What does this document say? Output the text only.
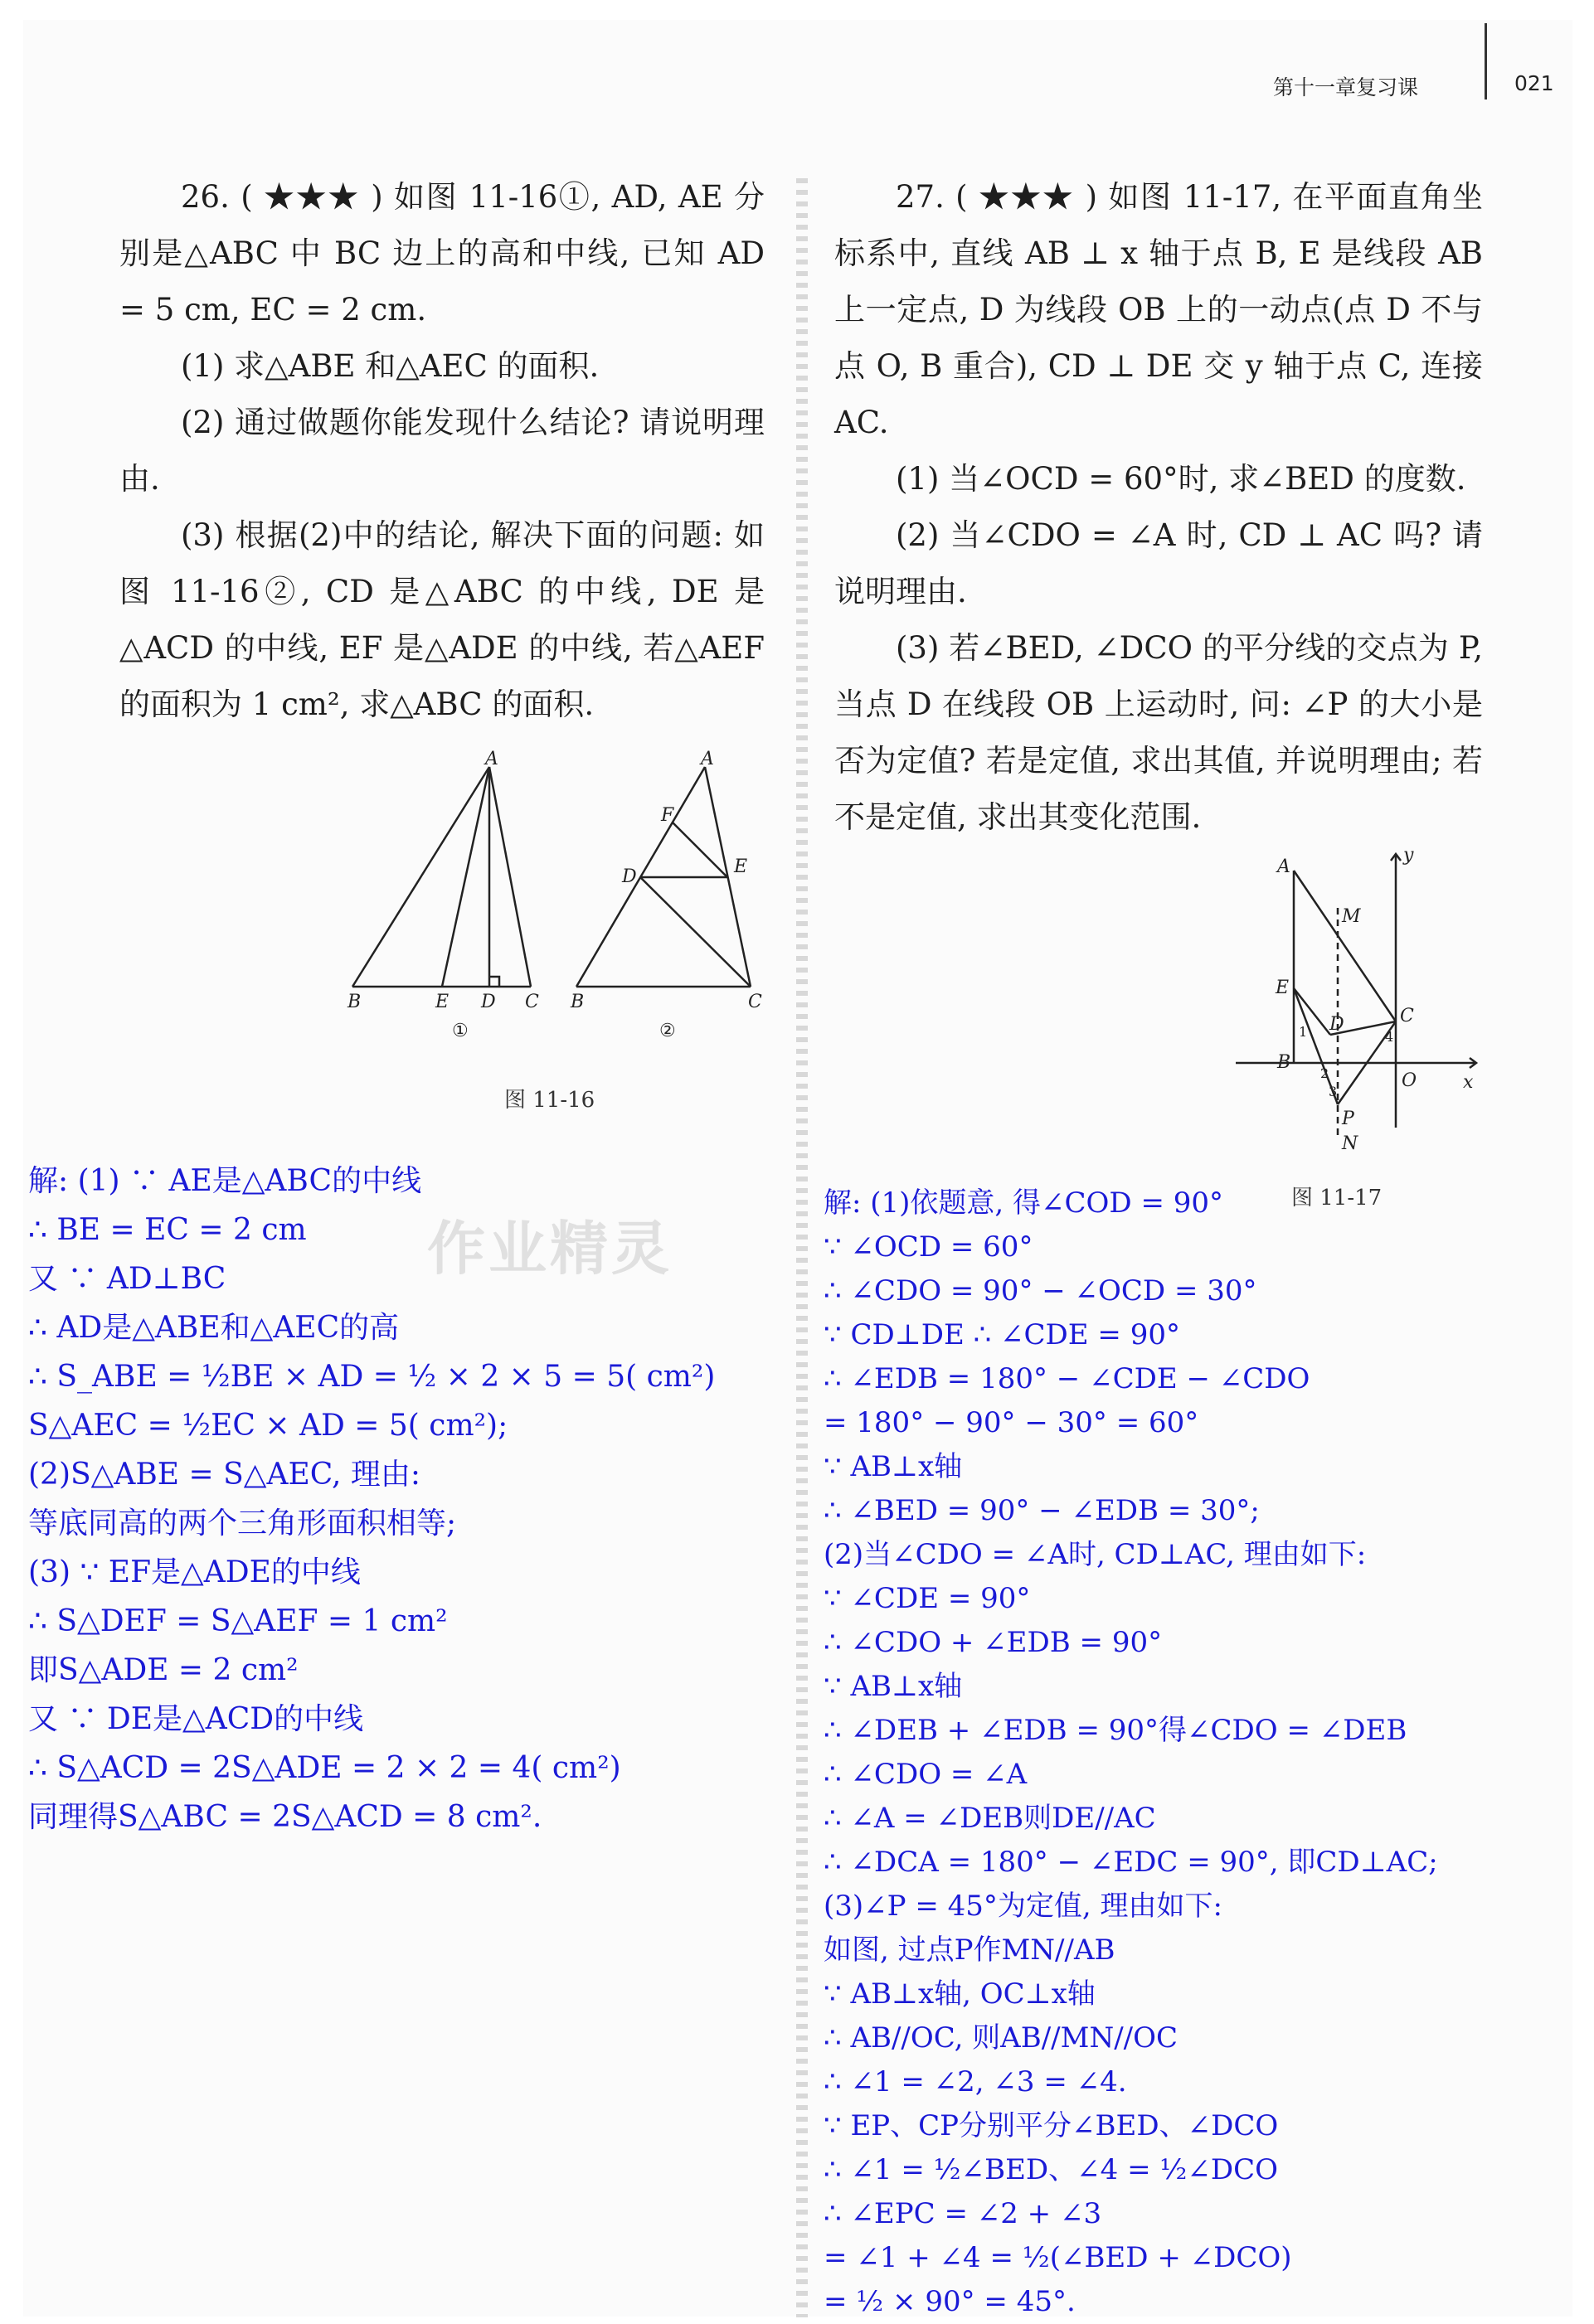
第十一章复习课	021

26. ( ★★★ ) 如图 11-16①, AD, AE 分别是△ABC 中 BC 边上的高和中线, 已知 AD = 5 cm, EC = 2 cm.

(1) 求△ABE 和△AEC 的面积.

(2) 通过做题你能发现什么结论? 请说明理由.

(3) 根据(2)中的结论, 解决下面的问题: 如图 11-16②, CD 是△ABC 的中线, DE 是△ACD 的中线, EF 是△ADE 的中线, 若△AEF 的面积为 1 cm², 求△ABC 的面积.

A
B	E D C
①
A
F
D	E
B	C
②
图 11-16

27. ( ★★★ ) 如图 11-17, 在平面直角坐标系中, 直线 AB ⊥ x 轴于点 B, E 是线段 AB 上一定点, D 为线段 OB 上的一动点(点 D 不与点 O, B 重合), CD ⊥ DE 交 y 轴于点 C, 连接 AC.

(1) 当∠OCD = 60°时, 求∠BED 的度数.

(2) 当∠CDO = ∠A 时, CD ⊥ AC 吗? 请说明理由.

(3) 若∠BED, ∠DCO 的平分线的交点为 P, 当点 D 在线段 OB 上运动时, 问: ∠P 的大小是否为定值? 若是定值, 求出其值, 并说明理由; 若不是定值, 求出其变化范围.

A
M
y
E
D	C
B
O	x
P
N
1
2
3
4
图 11-17
解: (1) ∵ AE是△ABC的中线
∴ BE = EC = 2 cm
又 ∵ AD⊥BC
∴ AD是△ABE和△AEC的高
∴ S_ABE = ½BE × AD = ½ × 2 × 5 = 5( cm²)
S△AEC = ½EC × AD = 5( cm²);
(2)S△ABE = S△AEC, 理由:
等底同高的两个三角形面积相等;
(3) ∵ EF是△ADE的中线
∴ S△DEF = S△AEF = 1 cm²
即S△ADE = 2 cm²
又 ∵ DE是△ACD的中线
∴ S△ACD = 2S△ADE = 2 × 2 = 4( cm²)
同理得S△ABC = 2S△ACD = 8 cm².
解: (1)依题意, 得∠COD = 90°
∵ ∠OCD = 60°
∴ ∠CDO = 90° − ∠OCD = 30°
∵ CD⊥DE ∴ ∠CDE = 90°
∴ ∠EDB = 180° − ∠CDE − ∠CDO
= 180° − 90° − 30° = 60°
∵ AB⊥x轴
∴ ∠BED = 90° − ∠EDB = 30°;
(2)当∠CDO = ∠A时, CD⊥AC, 理由如下:
∵ ∠CDE = 90°
∴ ∠CDO + ∠EDB = 90°
∵ AB⊥x轴
∴ ∠DEB + ∠EDB = 90°得∠CDO = ∠DEB
∴ ∠CDO = ∠A
∴ ∠A = ∠DEB则DE//AC
∴ ∠DCA = 180° − ∠EDC = 90°, 即CD⊥AC;
(3)∠P = 45°为定值, 理由如下:
如图, 过点P作MN//AB
∵ AB⊥x轴, OC⊥x轴
∴ AB//OC, 则AB//MN//OC
∴ ∠1 = ∠2, ∠3 = ∠4.
∵ EP、CP分别平分∠BED、∠DCO
∴ ∠1 = ½∠BED、∠4 = ½∠DCO
∴ ∠EPC = ∠2 + ∠3
= ∠1 + ∠4 = ½(∠BED + ∠DCO)
= ½ × 90° = 45°.
作业精灵
